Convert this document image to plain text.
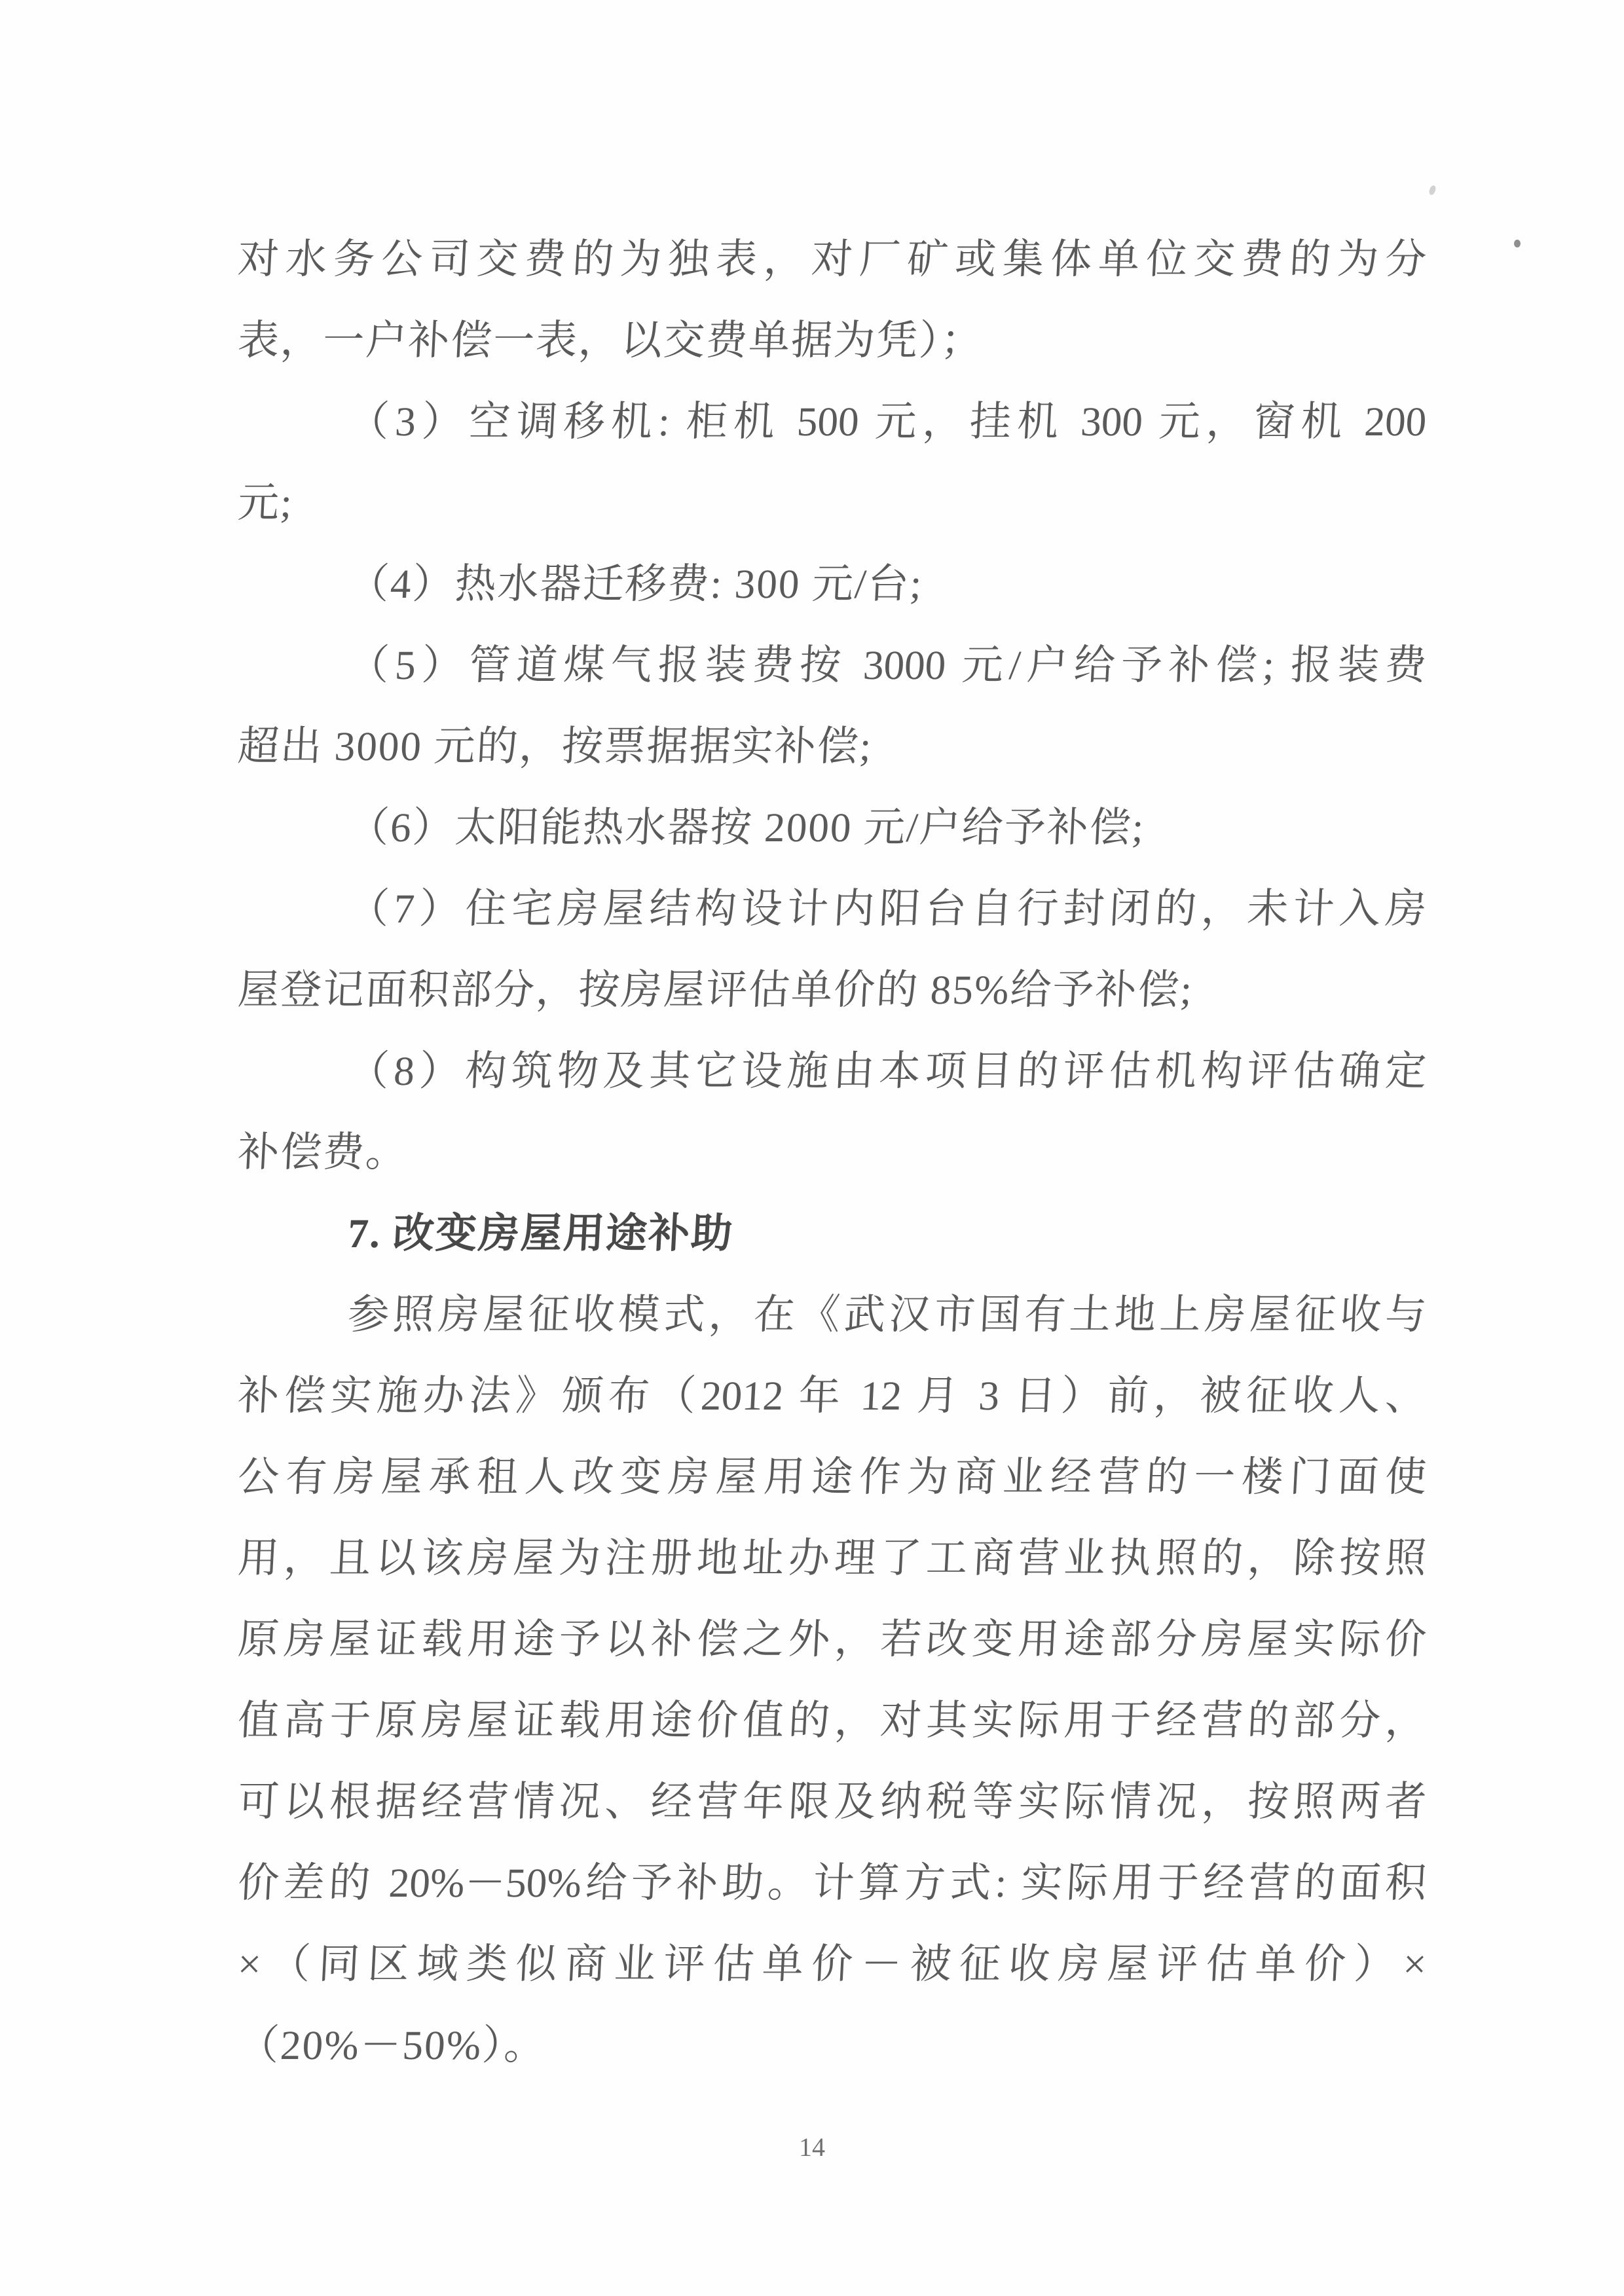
对水务公司交费的为独表，对厂矿或集体单位交费的为分
表，一户补偿一表，以交费单据为凭）；
（3）空调移机: 柜机 500 元，挂机 300 元，窗机 200
元;
（4）热水器迁移费: 300 元/台;
（5）管道煤气报装费按 3000 元/户给予补偿; 报装费
超出 3000 元的，按票据据实补偿;
（6）太阳能热水器按 2000 元/户给予补偿;
（7）住宅房屋结构设计内阳台自行封闭的，未计入房
屋登记面积部分，按房屋评估单价的 85%给予补偿;
（8）构筑物及其它设施由本项目的评估机构评估确定
补偿费。
7. 改变房屋用途补助
参照房屋征收模式，在《武汉市国有土地上房屋征收与
补偿实施办法》颁布（2012 年 12 月 3 日）前，被征收人、
公有房屋承租人改变房屋用途作为商业经营的一楼门面使
用，且以该房屋为注册地址办理了工商营业执照的，除按照
原房屋证载用途予以补偿之外，若改变用途部分房屋实际价
值高于原房屋证载用途价值的，对其实际用于经营的部分，
可以根据经营情况、经营年限及纳税等实际情况，按照两者
价差的 20%－50%给予补助。计算方式: 实际用于经营的面积
×（同区域类似商业评估单价－被征收房屋评估单价）×
（20%－50%）。
14
